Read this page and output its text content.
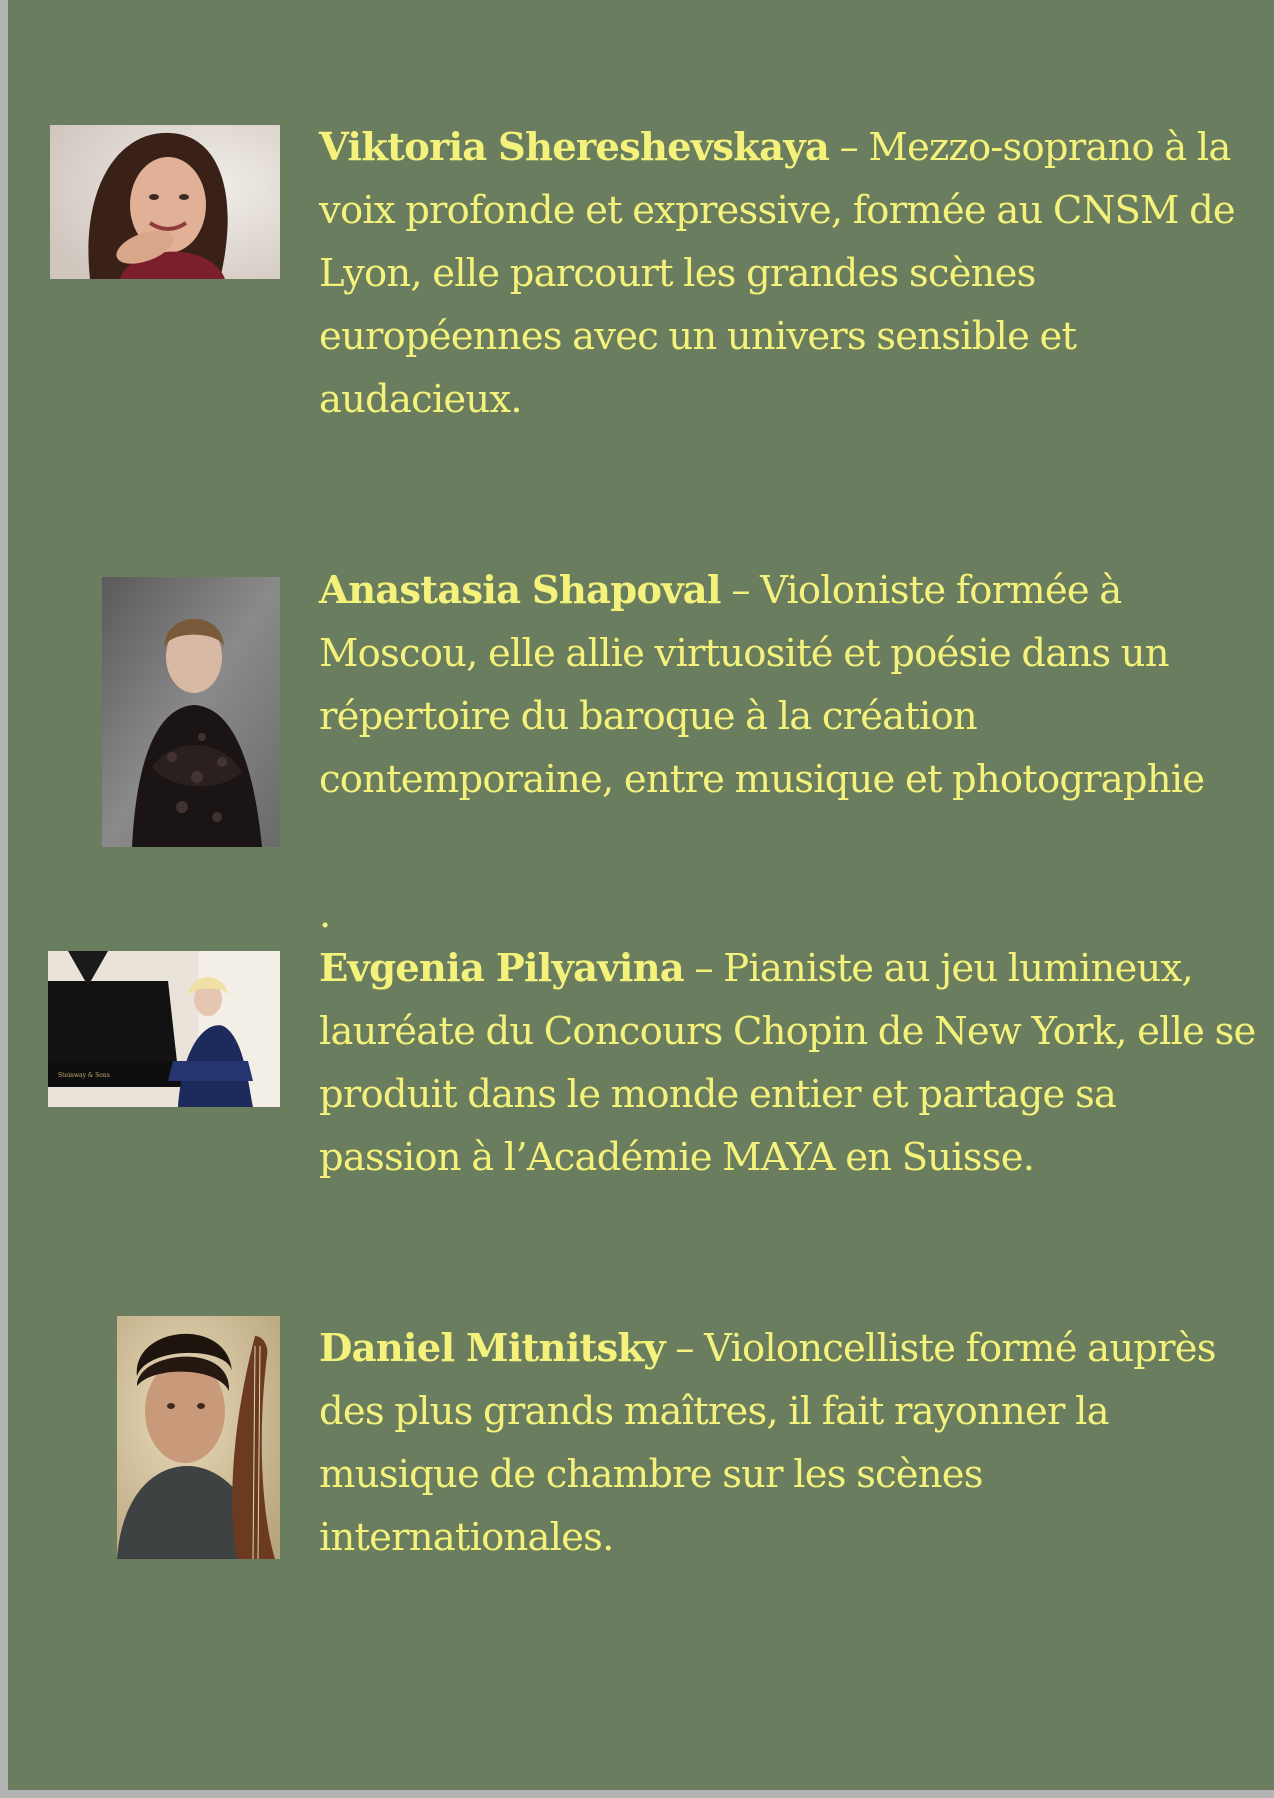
Viktoria Shereshevskaya – Mezzo-soprano à la voix profonde et expressive, formée au CNSM de Lyon, elle parcourt les grandes scènes européennes avec un univers sensible et audacieux.

Anastasia Shapoval – Violoniste formée à Moscou, elle allie virtuosité et poésie dans un répertoire du baroque à la création contemporaine, entre musique et photographie

.
Steinway & Sons

Evgenia Pilyavina – Pianiste au jeu lumineux, lauréate du Concours Chopin de New York, elle se produit dans le monde entier et partage sa passion à l’Académie MAYA en Suisse.

Daniel Mitnitsky – Violoncelliste formé auprès des plus grands maîtres, il fait rayonner la musique de chambre sur les scènes internationales.
